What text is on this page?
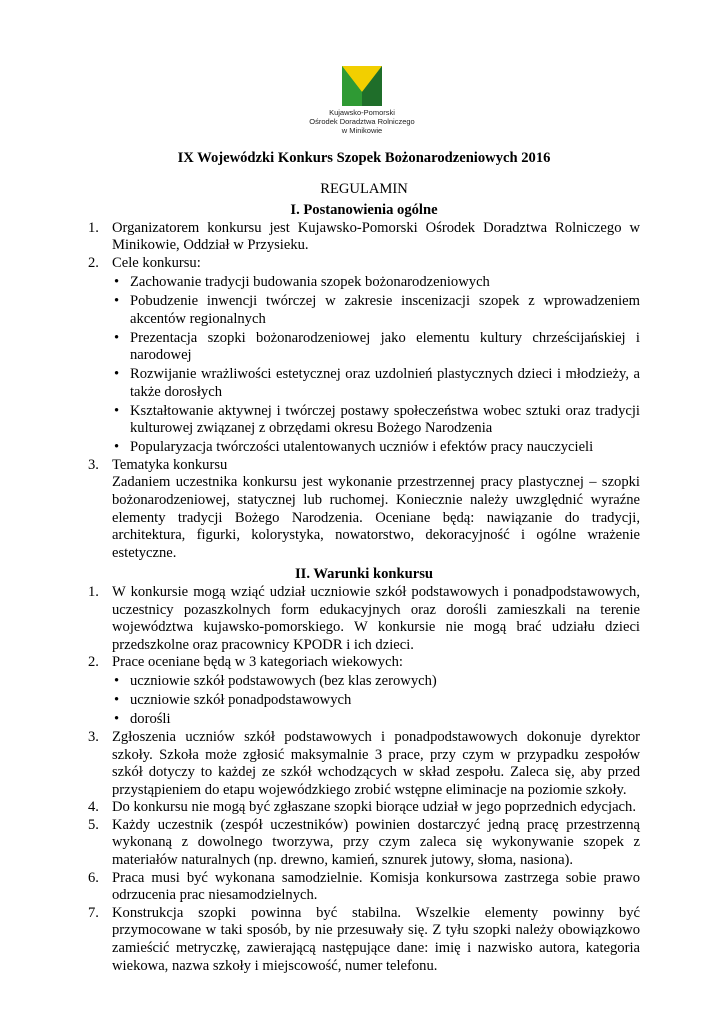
Kujawsko-Pomorski
Ośrodek Doradztwa Rolniczego
w Minikowie

IX Wojewódzki Konkurs Szopek Bożonarodzeniowych 2016

REGULAMIN

I. Postanowienia ogólne

1. Organizatorem konkursu jest Kujawsko-Pomorski Ośrodek Doradztwa Rolniczego w Minikowie, Oddział w Przysieku.
2. Cele konkursu:
• Zachowanie tradycji budowania szopek bożonarodzeniowych
• Pobudzenie inwencji twórczej w zakresie inscenizacji szopek z wprowadzeniem akcentów regionalnych
• Prezentacja szopki bożonarodzeniowej jako elementu kultury chrześcijańskiej i narodowej
• Rozwijanie wrażliwości estetycznej oraz uzdolnień plastycznych dzieci i młodzieży, a także dorosłych
• Kształtowanie aktywnej i twórczej postawy społeczeństwa wobec sztuki oraz tradycji kulturowej związanej z obrzędami okresu Bożego Narodzenia
• Popularyzacja twórczości utalentowanych uczniów i efektów pracy nauczycieli
3. Tematyka konkursu
Zadaniem uczestnika konkursu jest wykonanie przestrzennej pracy plastycznej – szopki bożonarodzeniowej, statycznej lub ruchomej. Koniecznie należy uwzględnić wyraźne elementy tradycji Bożego Narodzenia. Oceniane będą: nawiązanie do tradycji, architektura, figurki, kolorystyka, nowatorstwo, dekoracyjność i ogólne wrażenie estetyczne.

II. Warunki konkursu

1. W konkursie mogą wziąć udział uczniowie szkół podstawowych i ponadpodstawowych, uczestnicy pozaszkolnych form edukacyjnych oraz dorośli zamieszkali na terenie województwa kujawsko-pomorskiego. W konkursie nie mogą brać udziału dzieci przedszkolne oraz pracownicy KPODR i ich dzieci.
2. Prace oceniane będą w 3 kategoriach wiekowych:
• uczniowie szkół podstawowych (bez klas zerowych)
• uczniowie szkół ponadpodstawowych
• dorośli
3. Zgłoszenia uczniów szkół podstawowych i ponadpodstawowych dokonuje dyrektor szkoły. Szkoła może zgłosić maksymalnie 3 prace, przy czym w przypadku zespołów szkół dotyczy to każdej ze szkół wchodzących w skład zespołu. Zaleca się, aby przed przystąpieniem do etapu wojewódzkiego zrobić wstępne eliminacje na poziomie szkoły.
4. Do konkursu nie mogą być zgłaszane szopki biorące udział w jego poprzednich edycjach.
5. Każdy uczestnik (zespół uczestników) powinien dostarczyć jedną pracę przestrzenną wykonaną z dowolnego tworzywa, przy czym zaleca się wykonywanie szopek z materiałów naturalnych (np. drewno, kamień, sznurek jutowy, słoma, nasiona).
6. Praca musi być wykonana samodzielnie. Komisja konkursowa zastrzega sobie prawo odrzucenia prac niesamodzielnych.
7. Konstrukcja szopki powinna być stabilna. Wszelkie elementy powinny być przymocowane w taki sposób, by nie przesuwały się. Z tyłu szopki należy obowiązkowo zamieścić metryczkę, zawierającą następujące dane: imię i nazwisko autora, kategoria wiekowa, nazwa szkoły i miejscowość, numer telefonu.
